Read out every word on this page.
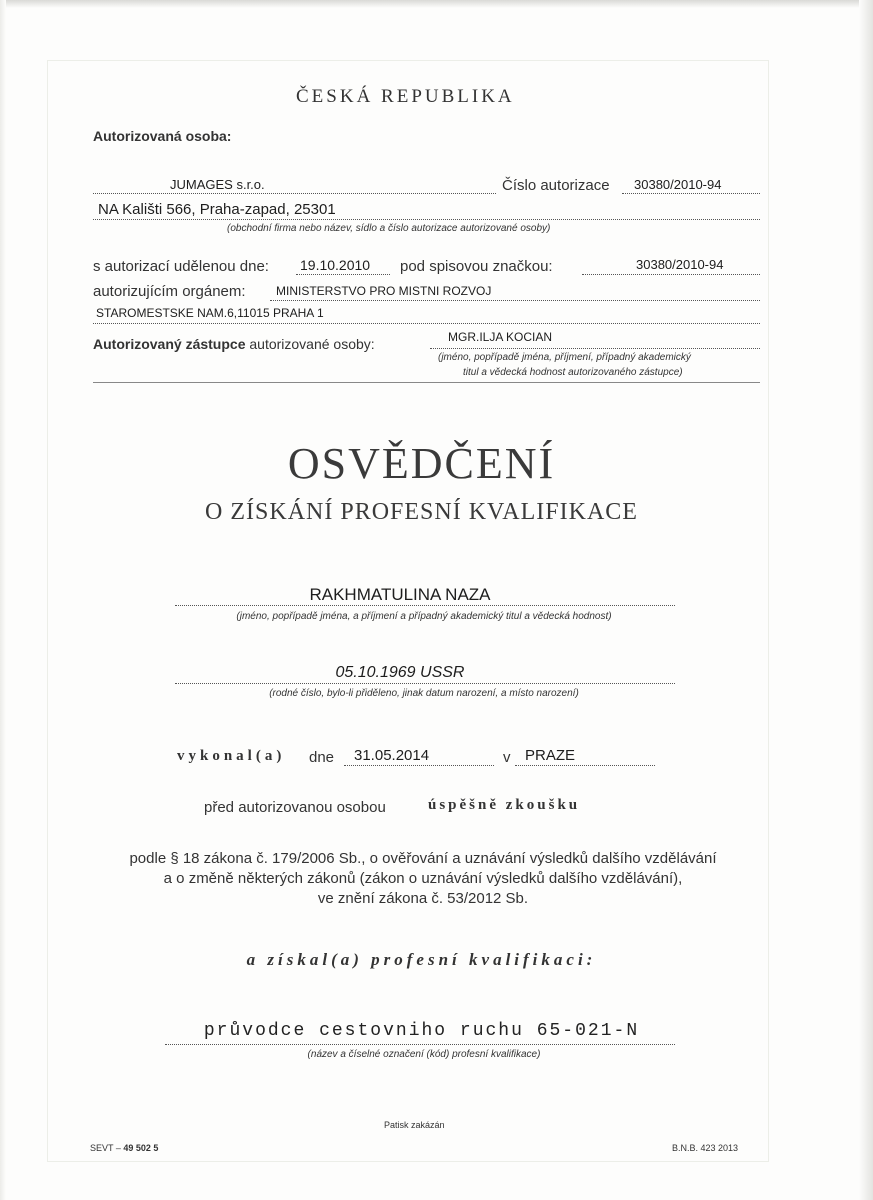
ČESKÁ REPUBLIKA
Autorizovaná osoba:
JUMAGES s.r.o.	Číslo autorizace 30380/2010-94
NA Kališti 566, Praha-zapad, 25301
(obchodní firma nebo název, sídlo a číslo autorizace autorizované osoby)
s autorizací udělenou dne: 19.10.2010 pod spisovou značkou:	30380/2010-94
autorizujícím orgánem:	MINISTERSTVO PRO MISTNI ROZVOJ
STAROMESTSKE NAM.6,11015 PRAHA 1
Autorizovaný zástupce autorizované osoby:	MGR.ILJA KOCIAN
(jméno, popřípadě jména, příjmení, případný akademický
titul a vědecká hodnost autorizovaného zástupce)
OSVĚDČENÍ
O ZÍSKÁNÍ PROFESNÍ KVALIFIKACE
RAKHMATULINA NAZA
(jméno, popřípadě jména, a příjmení a případný akademický titul a vědecká hodnost)
05.10.1969 USSR
(rodné číslo, bylo-li přiděleno, jinak datum narození, a místo narození)
vykonal(a) dne 31.05.2014	v PRAZE
před autorizovanou osobou	úspěšně zkoušku
podle § 18 zákona č. 179/2006 Sb., o ověřování a uznávání výsledků dalšího vzdělávání
a o změně některých zákonů (zákon o uznávání výsledků dalšího vzdělávání),
ve znění zákona č. 53/2012 Sb.
a získal(a) profesní kvalifikaci:
průvodce cestovniho ruchu 65-021-N
(název a číselné označení (kód) profesní kvalifikace)
Patisk zakázán
SEVT – 49 502 5	B.N.B. 423 2013
